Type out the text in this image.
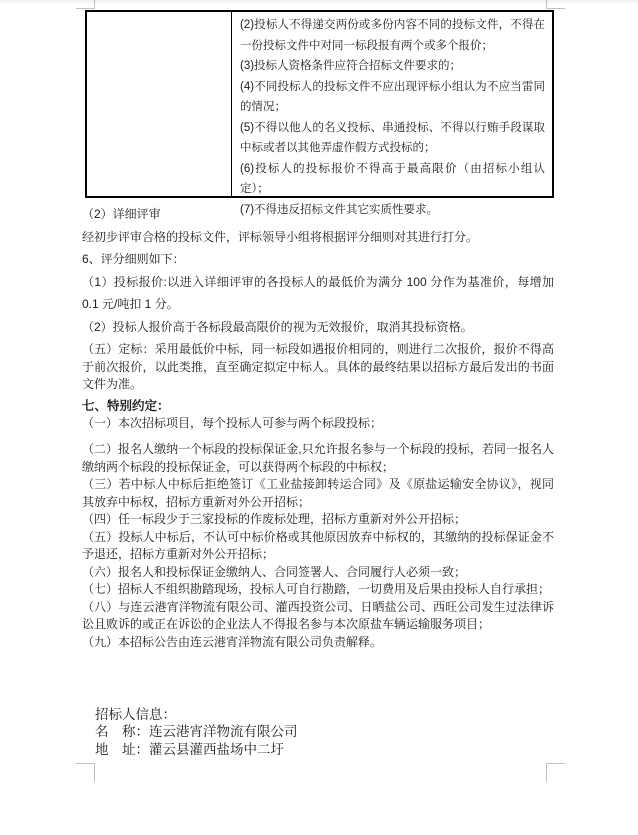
(2)投标人不得递交两份或多份内容不同的投标文件，不得在一份投标文件中对同一标段报有两个或多个报价；

(3)投标人资格条件应符合招标文件要求的；

(4)不同投标人的投标文件不应出现评标小组认为不应当雷同的情况；

(5)不得以他人的名义投标、串通投标、不得以行贿手段谋取中标或者以其他弄虚作假方式投标的；

(6)投标人的投标报价不得高于最高限价（由招标小组认定）；

(7)不得违反招标文件其它实质性要求。

（2）详细评审

经初步评审合格的投标文件，评标领导小组将根据评分细则对其进行打分。

6、评分细则如下：

（1）投标报价:以进入详细评审的各投标人的最低价为满分 100 分作为基准价，每增加 0.1 元/吨扣 1 分。

（2）投标人报价高于各标段最高限价的视为无效报价，取消其投标资格。

（五）定标：采用最低价中标，同一标段如遇报价相同的，则进行二次报价，报价不得高于前次报价，以此类推，直至确定拟定中标人。具体的最终结果以招标方最后发出的书面文件为准。

七、特别约定：

（一）本次招标项目，每个投标人可参与两个标段投标；

（二）报名人缴纳一个标段的投标保证金,只允许报名参与一个标段的投标，若同一报名人缴纳两个标段的投标保证金，可以获得两个标段的中标权；

（三）若中标人中标后拒绝签订《工业盐接卸转运合同》及《原盐运输安全协议》，视同其放弃中标权，招标方重新对外公开招标；

（四）任一标段少于三家投标的作废标处理，招标方重新对外公开招标；

（五）投标人中标后，不认可中标价格或其他原因放弃中标权的，其缴纳的投标保证金不予退还，招标方重新对外公开招标；

（六）报名人和投标保证金缴纳人、合同签署人、合同履行人必须一致；

（七）招标人不组织勘踏现场，投标人可自行勘踏，一切费用及后果由投标人自行承担；

（八）与连云港宵洋物流有限公司、灌西投资公司、日晒盐公司、西旺公司发生过法律诉讼且败诉的或正在诉讼的企业法人不得报名参与本次原盐车辆运输服务项目；

（九）本招标公告由连云港宵洋物流有限公司负责解释。

招标人信息：

名　称：连云港宵洋物流有限公司

地　址：灌云县灌西盐场中二圩
